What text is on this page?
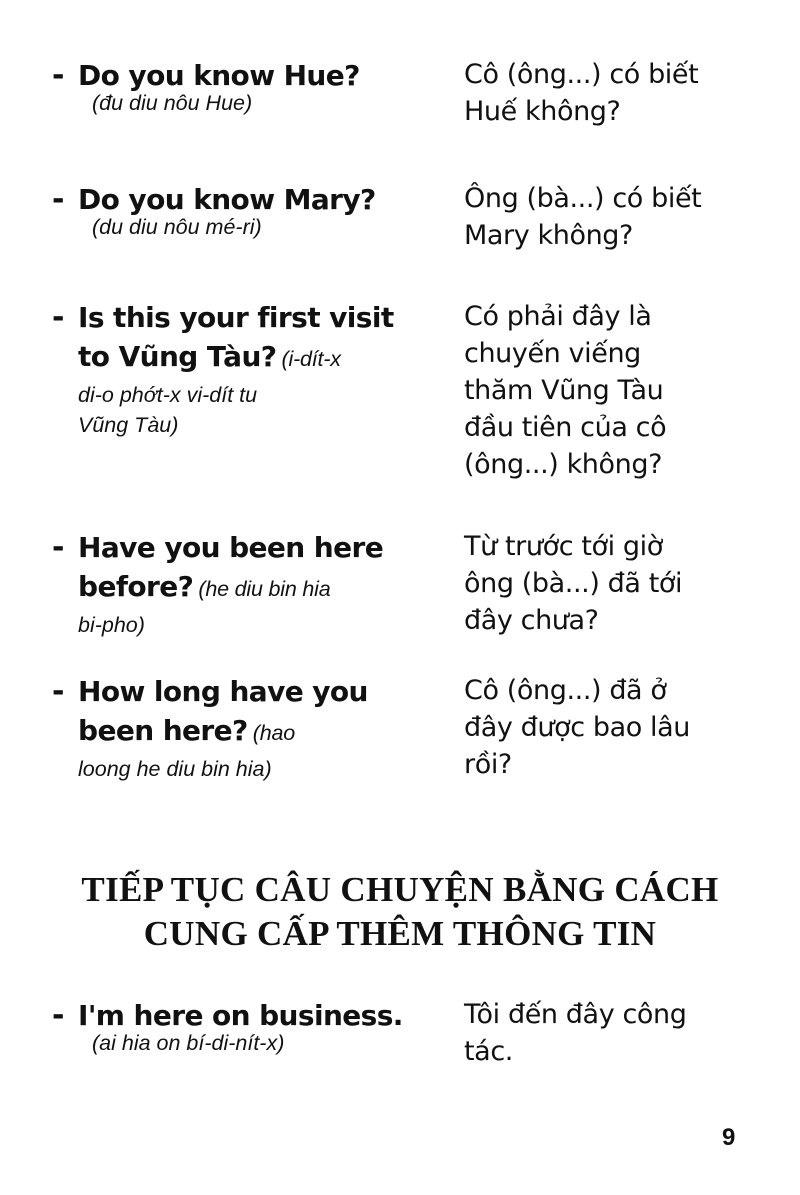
- Do you know Hue?
(đu diu nôu Hue)
Cô (ông...) có biết
Huế không?
- Do you know Mary?
(du diu nôu mé-ri)
Ông (bà...) có biết
Mary không?
- Is this your first visit
to Vũng Tàu? (i-dít-x
di-o phớt-x vi-dít tu
Vũng Tàu)
Có phải đây là
chuyến viếng
thăm Vũng Tàu
đầu tiên của cô
(ông...) không?
- Have you been here
before? (he diu bin hia
bi-pho)
Từ trước tới giờ
ông (bà...) đã tới
đây chưa?
- How long have you
been here? (hao
loong he diu bin hia)
Cô (ông...) đã ở
đây được bao lâu
rồi?
TIẾP TỤC CÂU CHUYỆN BẰNG CÁCH
CUNG CẤP THÊM THÔNG TIN
- I'm here on business.
(ai hia on bí-di-nít-x)
Tôi đến đây công
tác.
9
